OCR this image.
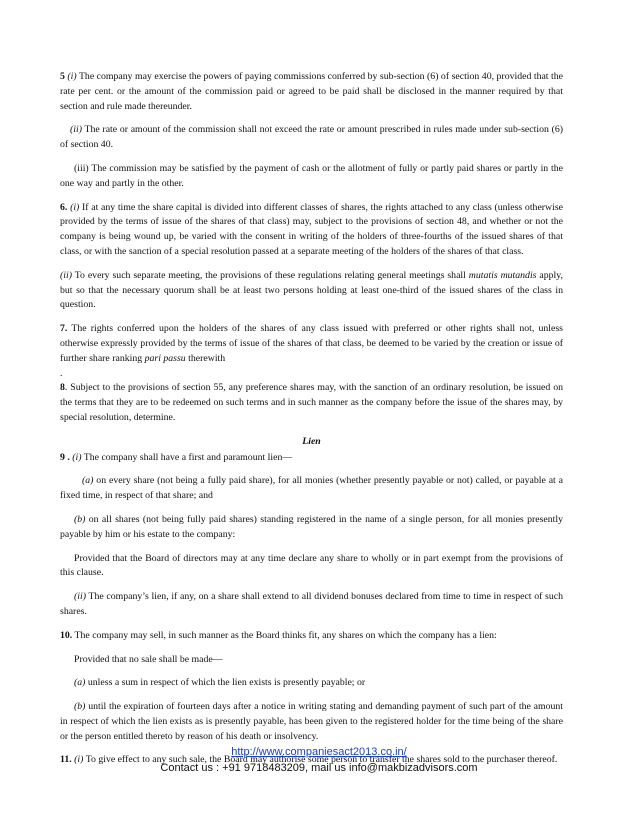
5 (i) The company may exercise the powers of paying commissions conferred by sub-section (6) of section 40, provided that the rate per cent. or the amount of the commission paid or agreed to be paid shall be disclosed in the manner required by that section and rule made thereunder.

(ii) The rate or amount of the commission shall not exceed the rate or amount prescribed in rules made under sub-section (6) of section 40.

(iii) The commission may be satisfied by the payment of cash or the allotment of fully or partly paid shares or partly in the one way and partly in the other.

6. (i) If at any time the share capital is divided into different classes of shares, the rights attached to any class (unless otherwise provided by the terms of issue of the shares of that class) may, subject to the provisions of section 48, and whether or not the company is being wound up, be varied with the consent in writing of the holders of three-fourths of the issued shares of that class, or with the sanction of a special resolution passed at a separate meeting of the holders of the shares of that class.

(ii) To every such separate meeting, the provisions of these regulations relating general meetings shall mutatis mutandis apply, but so that the necessary quorum shall be at least two persons holding at least one-third of the issued shares of the class in question.

7. The rights conferred upon the holders of the shares of any class issued with preferred or other rights shall not, unless otherwise expressly provided by the terms of issue of the shares of that class, be deemed to be varied by the creation or issue of further share ranking pari passu therewith
.

8. Subject to the provisions of section 55, any preference shares may, with the sanction of an ordinary resolution, be issued on the terms that they are to be redeemed on such terms and in such manner as the company before the issue of the shares may, by special resolution, determine.

Lien

9 . (i) The company shall have a first and paramount lien—

(a) on every share (not being a fully paid share), for all monies (whether presently payable or not) called, or payable at a fixed time, in respect of that share; and

(b) on all shares (not being fully paid shares) standing registered in the name of a single person, for all monies presently payable by him or his estate to the company:

Provided that the Board of directors may at any time declare any share to wholly or in part exempt from the provisions of this clause.

(ii) The company’s lien, if any, on a share shall extend to all dividend bonuses declared from time to time in respect of such shares.

10. The company may sell, in such manner as the Board thinks fit, any shares on which the company has a lien:

Provided that no sale shall be made—

(a) unless a sum in respect of which the lien exists is presently payable; or

(b) until the expiration of fourteen days after a notice in writing stating and demanding payment of such part of the amount in respect of which the lien exists as is presently payable, has been given to the registered holder for the time being of the share or the person entitled thereto by reason of his death or insolvency.

11. (i) To give effect to any such sale, the Board may authorise some person to transfer the shares sold to the purchaser thereof.

http://www.companiesact2013.co.in/
Contact us : +91 9718483209, mail us info@makbizadvisors.com
